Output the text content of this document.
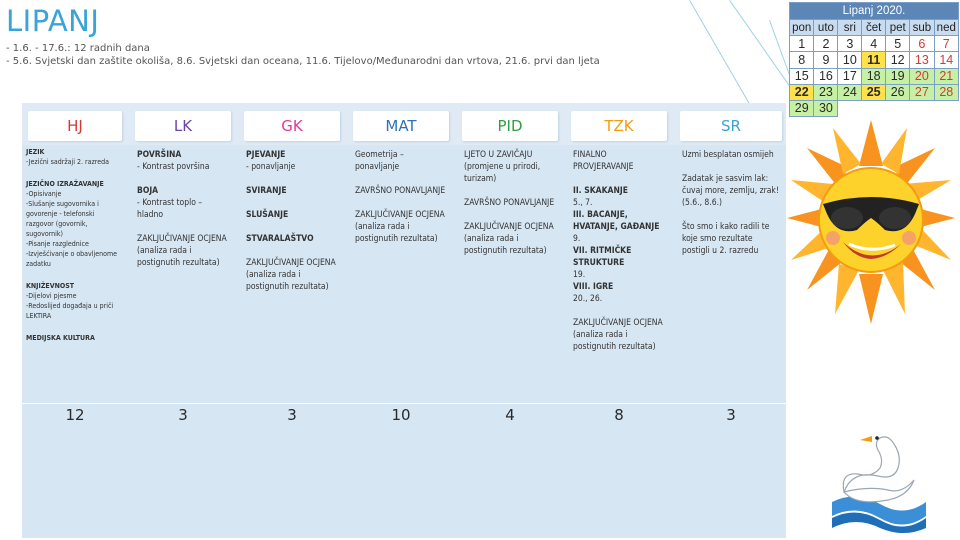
LIPANJ
- 1.6. - 17.6.: 12 radnih dana
- 5.6. Svjetski dan zaštite okoliša, 8.6. Svjetski dan oceana, 11.6. Tijelovo/Međunarodni dan vrtova, 21.6. prvi dan ljeta
Lipanj 2020.						
pon	uto	sri	čet	pet	sub	ned
1	2	3	4	5	6	7
8	9	10	11	12	13	14
15	16	17	18	19	20	21
22	23	24	25	26	27	28
29	30					
HJ	LK	GK	MAT	PID	TZK	SR
JEZIK
-Jezični sadržaji 2. razreda
JEZIČNO IZRAŽAVANJE
-Opisivanje
-Slušanje sugovornika i govorenje - telefonski razgovor (govornik, sugovornik)
-Pisanje razglednice
-Izvješćivanje o obavljenome zadatku
KNJIŽEVNOST
-Dijelovi pjesme
-Redoslijed događaja u priči
LEKTIRA
MEDIJSKA KULTURA
POVRŠINA
- Kontrast površina
BOJA
- Kontrast toplo – hladno
ZAKLJUČIVANJE OCJENA (analiza rada i postignutih rezultata)
PJEVANJE
- ponavljanje
SVIRANJE
SLUŠANJE
STVARALAŠTVO
ZAKLJUČIVANJE OCJENA (analiza rada i postignutih rezultata)
Geometrija – ponavljanje
ZAVRŠNO PONAVLJANJE
ZAKLJUČIVANJE OCJENA (analiza rada i postignutih rezultata)
LJETO U ZAVIČAJU (promjene u prirodi, turizam)
ZAVRŠNO PONAVLJANJE
ZAKLJUČIVANJE OCJENA (analiza rada i postignutih rezultata)
FINALNO PROVJERAVANJE
II. SKAKANJE
5., 7.
III. BACANJE, HVATANJE, GAĐANJE
9.
VII. RITMIČKE STRUKTURE
19.
VIII. IGRE
20., 26.
ZAKLJUČIVANJE OCJENA (analiza rada i postignutih rezultata)
Uzmi besplatan osmijeh
Zadatak je sasvim lak: čuvaj more, zemlju, zrak! (5.6., 8.6.)
Što smo i kako radili te koje smo rezultate postigli u 2. razredu
12	3	3	10	4	8	3
